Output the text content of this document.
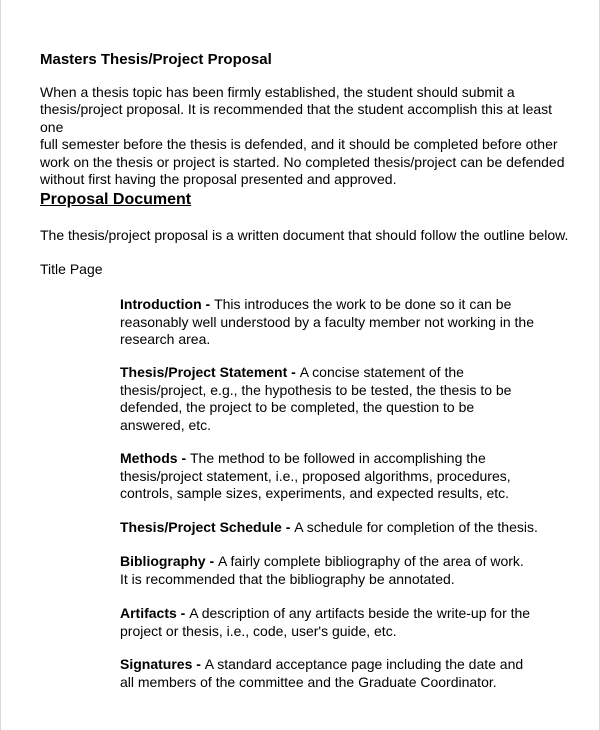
Masters Thesis/Project Proposal

When a thesis topic has been firmly established, the student should submit a
thesis/project proposal. It is recommended that the student accomplish this at least one
full semester before the thesis is defended, and it should be completed before other
work on the thesis or project is started. No completed thesis/project can be defended
without first having the proposal presented and approved.

Proposal Document

The thesis/project proposal is a written document that should follow the outline below.

Title Page

Introduction - This introduces the work to be done so it can be
reasonably well understood by a faculty member not working in the
research area.
Thesis/Project Statement - A concise statement of the
thesis/project, e.g., the hypothesis to be tested, the thesis to be
defended, the project to be completed, the question to be
answered, etc.
Methods - The method to be followed in accomplishing the
thesis/project statement, i.e., proposed algorithms, procedures,
controls, sample sizes, experiments, and expected results, etc.
Thesis/Project Schedule - A schedule for completion of the thesis.
Bibliography - A fairly complete bibliography of the area of work.
It is recommended that the bibliography be annotated.
Artifacts - A description of any artifacts beside the write-up for the
project or thesis, i.e., code, user's guide, etc.
Signatures - A standard acceptance page including the date and
all members of the committee and the Graduate Coordinator.
